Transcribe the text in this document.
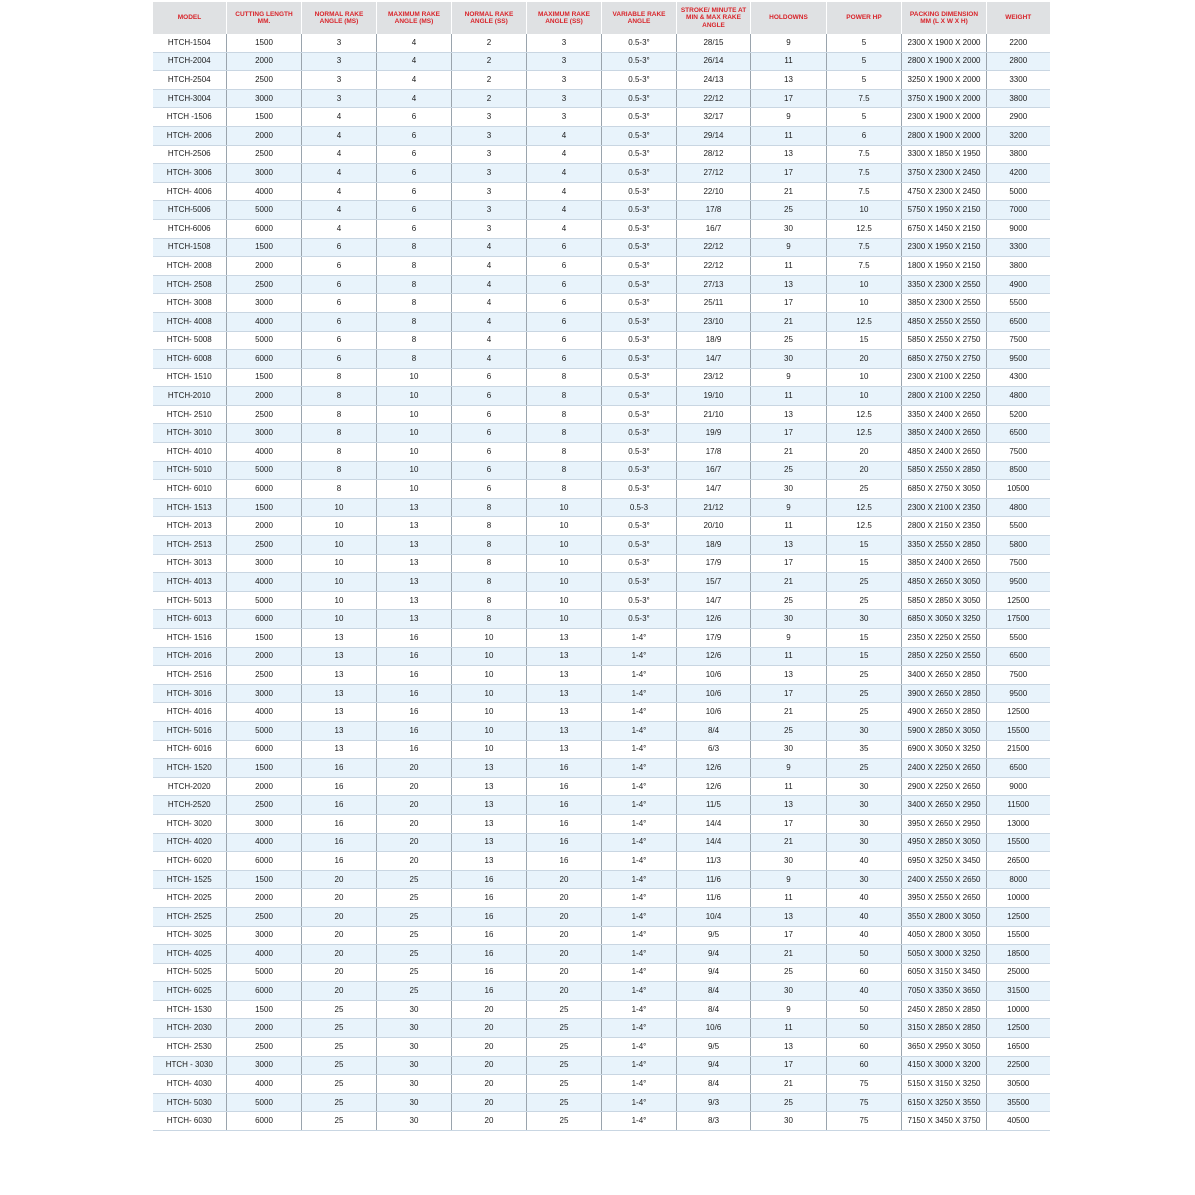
MODEL	CUTTING LENGTH MM.	NORMAL RAKE ANGLE (MS)	MAXIMUM RAKE ANGLE (MS)	NORMAL RAKE ANGLE (SS)	MAXIMUM RAKE ANGLE (SS)	VARIABLE RAKE ANGLE	STROKE/ MINUTE AT MIN & MAX RAKE ANGLE	HOLDOWNS	POWER HP	PACKING DIMENSION MM (L X W X H)	WEIGHT
HTCH-1504	1500	3	4	2	3	0.5-3°	28/15	9	5	2300 X 1900 X 2000	2200
HTCH-2004	2000	3	4	2	3	0.5-3°	26/14	11	5	2800 X 1900 X 2000	2800
HTCH-2504	2500	3	4	2	3	0.5-3°	24/13	13	5	3250 X 1900 X 2000	3300
HTCH-3004	3000	3	4	2	3	0.5-3°	22/12	17	7.5	3750 X 1900 X 2000	3800
HTCH -1506	1500	4	6	3	3	0.5-3°	32/17	9	5	2300 X 1900 X 2000	2900
HTCH- 2006	2000	4	6	3	4	0.5-3°	29/14	11	6	2800 X 1900 X 2000	3200
HTCH-2506	2500	4	6	3	4	0.5-3°	28/12	13	7.5	3300 X 1850 X 1950	3800
HTCH- 3006	3000	4	6	3	4	0.5-3°	27/12	17	7.5	3750 X 2300 X 2450	4200
HTCH- 4006	4000	4	6	3	4	0.5-3°	22/10	21	7.5	4750 X 2300 X 2450	5000
HTCH-5006	5000	4	6	3	4	0.5-3°	17/8	25	10	5750 X 1950 X 2150	7000
HTCH-6006	6000	4	6	3	4	0.5-3°	16/7	30	12.5	6750 X 1450 X 2150	9000
HTCH-1508	1500	6	8	4	6	0.5-3°	22/12	9	7.5	2300 X 1950 X 2150	3300
HTCH- 2008	2000	6	8	4	6	0.5-3°	22/12	11	7.5	1800 X 1950 X 2150	3800
HTCH- 2508	2500	6	8	4	6	0.5-3°	27/13	13	10	3350 X 2300 X 2550	4900
HTCH- 3008	3000	6	8	4	6	0.5-3°	25/11	17	10	3850 X 2300 X 2550	5500
HTCH- 4008	4000	6	8	4	6	0.5-3°	23/10	21	12.5	4850 X 2550 X 2550	6500
HTCH- 5008	5000	6	8	4	6	0.5-3°	18/9	25	15	5850 X 2550 X 2750	7500
HTCH- 6008	6000	6	8	4	6	0.5-3°	14/7	30	20	6850 X 2750 X 2750	9500
HTCH- 1510	1500	8	10	6	8	0.5-3°	23/12	9	10	2300 X 2100 X 2250	4300
HTCH-2010	2000	8	10	6	8	0.5-3°	19/10	11	10	2800 X 2100 X 2250	4800
HTCH- 2510	2500	8	10	6	8	0.5-3°	21/10	13	12.5	3350 X 2400 X 2650	5200
HTCH- 3010	3000	8	10	6	8	0.5-3°	19/9	17	12.5	3850 X 2400 X 2650	6500
HTCH- 4010	4000	8	10	6	8	0.5-3°	17/8	21	20	4850 X 2400 X 2650	7500
HTCH- 5010	5000	8	10	6	8	0.5-3°	16/7	25	20	5850 X 2550 X 2850	8500
HTCH- 6010	6000	8	10	6	8	0.5-3°	14/7	30	25	6850 X 2750 X 3050	10500
HTCH- 1513	1500	10	13	8	10	0.5-3	21/12	9	12.5	2300 X 2100 X 2350	4800
HTCH- 2013	2000	10	13	8	10	0.5-3°	20/10	11	12.5	2800 X 2150 X 2350	5500
HTCH- 2513	2500	10	13	8	10	0.5-3°	18/9	13	15	3350 X 2550 X 2850	5800
HTCH- 3013	3000	10	13	8	10	0.5-3°	17/9	17	15	3850 X 2400 X 2650	7500
HTCH- 4013	4000	10	13	8	10	0.5-3°	15/7	21	25	4850 X 2650 X 3050	9500
HTCH- 5013	5000	10	13	8	10	0.5-3°	14/7	25	25	5850 X 2850 X 3050	12500
HTCH- 6013	6000	10	13	8	10	0.5-3°	12/6	30	30	6850 X 3050 X 3250	17500
HTCH- 1516	1500	13	16	10	13	1-4°	17/9	9	15	2350 X 2250 X 2550	5500
HTCH- 2016	2000	13	16	10	13	1-4°	12/6	11	15	2850 X 2250 X 2550	6500
HTCH- 2516	2500	13	16	10	13	1-4°	10/6	13	25	3400 X 2650 X 2850	7500
HTCH- 3016	3000	13	16	10	13	1-4°	10/6	17	25	3900 X 2650 X 2850	9500
HTCH- 4016	4000	13	16	10	13	1-4°	10/6	21	25	4900 X 2650 X 2850	12500
HTCH- 5016	5000	13	16	10	13	1-4°	8/4	25	30	5900 X 2850 X 3050	15500
HTCH- 6016	6000	13	16	10	13	1-4°	6/3	30	35	6900 X 3050 X 3250	21500
HTCH- 1520	1500	16	20	13	16	1-4°	12/6	9	25	2400 X 2250 X 2650	6500
HTCH-2020	2000	16	20	13	16	1-4°	12/6	11	30	2900 X 2250 X 2650	9000
HTCH-2520	2500	16	20	13	16	1-4°	11/5	13	30	3400 X 2650 X 2950	11500
HTCH- 3020	3000	16	20	13	16	1-4°	14/4	17	30	3950 X 2650 X 2950	13000
HTCH- 4020	4000	16	20	13	16	1-4°	14/4	21	30	4950 X 2850 X 3050	15500
HTCH- 6020	6000	16	20	13	16	1-4°	11/3	30	40	6950 X 3250 X 3450	26500
HTCH- 1525	1500	20	25	16	20	1-4°	11/6	9	30	2400 X 2550 X 2650	8000
HTCH- 2025	2000	20	25	16	20	1-4°	11/6	11	40	3950 X 2550 X 2650	10000
HTCH- 2525	2500	20	25	16	20	1-4°	10/4	13	40	3550 X 2800 X 3050	12500
HTCH- 3025	3000	20	25	16	20	1-4°	9/5	17	40	4050 X 2800 X 3050	15500
HTCH- 4025	4000	20	25	16	20	1-4°	9/4	21	50	5050 X 3000 X 3250	18500
HTCH- 5025	5000	20	25	16	20	1-4°	9/4	25	60	6050 X 3150 X 3450	25000
HTCH- 6025	6000	20	25	16	20	1-4°	8/4	30	40	7050 X 3350 X 3650	31500
HTCH- 1530	1500	25	30	20	25	1-4°	8/4	9	50	2450 X 2850 X 2850	10000
HTCH- 2030	2000	25	30	20	25	1-4°	10/6	11	50	3150 X 2850 X 2850	12500
HTCH- 2530	2500	25	30	20	25	1-4°	9/5	13	60	3650 X 2950 X 3050	16500
HTCH - 3030	3000	25	30	20	25	1-4°	9/4	17	60	4150 X 3000 X 3200	22500
HTCH- 4030	4000	25	30	20	25	1-4°	8/4	21	75	5150 X 3150 X 3250	30500
HTCH- 5030	5000	25	30	20	25	1-4°	9/3	25	75	6150 X 3250 X 3550	35500
HTCH- 6030	6000	25	30	20	25	1-4°	8/3	30	75	7150 X 3450 X 3750	40500
